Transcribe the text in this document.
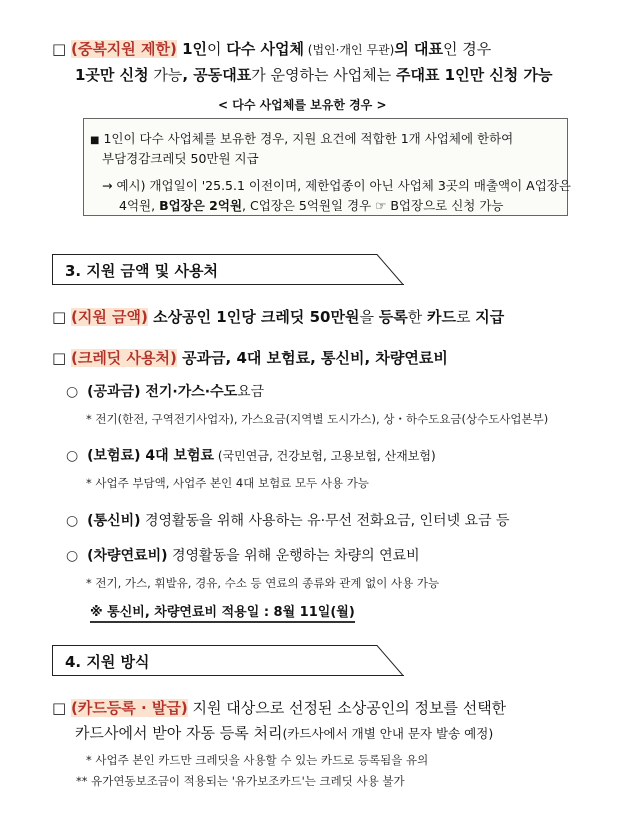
□ (중복지원 제한) 1인이 다수 사업체 (법인·개인 무관)의 대표인 경우
1곳만 신청 가능, 공동대표가 운영하는 사업체는 주대표 1인만 신청 가능
< 다수 사업체를 보유한 경우 >
■ 1인이 다수 사업체를 보유한 경우, 지원 요건에 적합한 1개 사업체에 한하여
부담경감크레딧 50만원 지급
→ 예시) 개업일이 '25.5.1 이전이며, 제한업종이 아닌 사업체 3곳의 매출액이 A업장은
4억원, B업장은 2억원, C업장은 5억원일 경우 ☞ B업장으로 신청 가능
3. 지원 금액 및 사용처
□ (지원 금액) 소상공인 1인당 크레딧 50만원을 등록한 카드로 지급
□ (크레딧 사용처) 공과금, 4대 보험료, 통신비, 차량연료비
○ (공과금) 전기·가스·수도요금
* 전기(한전, 구역전기사업자), 가스요금(지역별 도시가스), 상・하수도요금(상수도사업본부)
○ (보험료) 4대 보험료 (국민연금, 건강보험, 고용보험, 산재보험)
* 사업주 부담액, 사업주 본인 4대 보험료 모두 사용 가능
○ (통신비) 경영활동을 위해 사용하는 유·무선 전화요금, 인터넷 요금 등
○ (차량연료비) 경영활동을 위해 운행하는 차량의 연료비
* 전기, 가스, 휘발유, 경유, 수소 등 연료의 종류와 관계 없이 사용 가능
※ 통신비, 차량연료비 적용일 : 8월 11일(월)
4. 지원 방식
□ (카드등록 · 발급) 지원 대상으로 선정된 소상공인의 정보를 선택한
카드사에서 받아 자동 등록 처리(카드사에서 개별 안내 문자 발송 예정)
* 사업주 본인 카드만 크레딧을 사용할 수 있는 카드로 등록됨을 유의
** 유가연동보조금이 적용되는 '유가보조카드'는 크레딧 사용 불가
